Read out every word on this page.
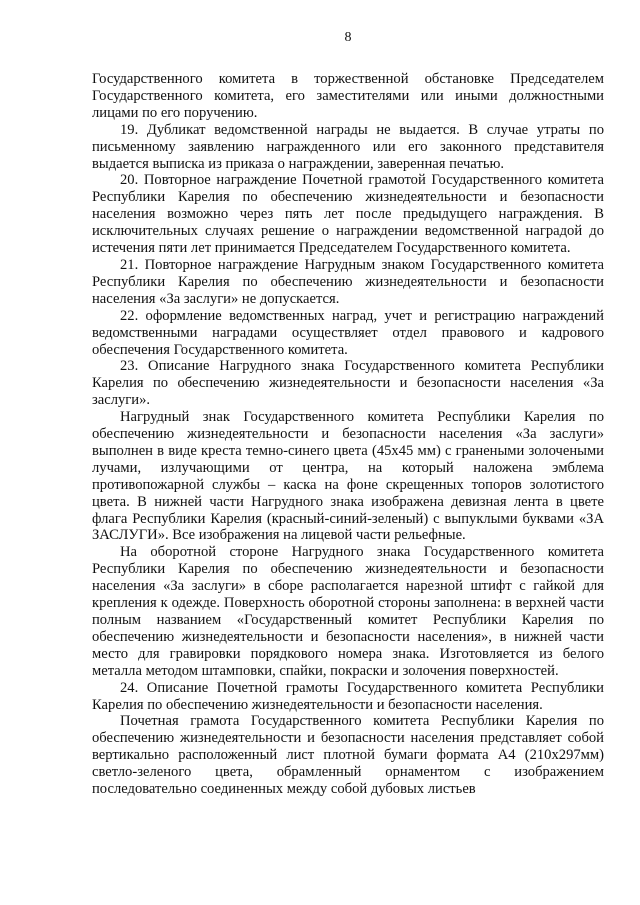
8

Государственного комитета в торжественной обстановке Председателем Государственного комитета, его заместителями или иными должностными лицами по его поручению.

19. Дубликат ведомственной награды не выдается. В случае утраты по письменному заявлению награжденного или его законного представителя выдается выписка из приказа о награждении, заверенная печатью.

20. Повторное награждение Почетной грамотой Государственного комитета Республики Карелия по обеспечению жизнедеятельности и безопасности населения возможно через пять лет после предыдущего награждения. В исключительных случаях решение о награждении ведомственной наградой до истечения пяти лет принимается Председателем Государственного комитета.

21. Повторное награждение Нагрудным знаком Государственного комитета Республики Карелия по обеспечению жизнедеятельности и безопасности населения «За заслуги» не допускается.

22. оформление ведомственных наград, учет и регистрацию награждений ведомственными наградами осуществляет отдел правового и кадрового обеспечения Государственного комитета.

23. Описание Нагрудного знака Государственного комитета Республики Карелия по обеспечению жизнедеятельности и безопасности населения «За заслуги».

Нагрудный знак Государственного комитета Республики Карелия по обеспечению жизнедеятельности и безопасности населения «За заслуги» выполнен в виде креста темно-синего цвета (45x45 мм) с гранеными золочеными лучами, излучающими от центра, на который наложена эмблема противопожарной службы – каска на фоне скрещенных топоров золотистого цвета. В нижней части Нагрудного знака изображена девизная лента в цвете флага Республики Карелия (красный-синий-зеленый) с выпуклыми буквами «ЗА ЗАСЛУГИ». Все изображения на лицевой части рельефные.

На оборотной стороне Нагрудного знака Государственного комитета Республики Карелия по обеспечению жизнедеятельности и безопасности населения «За заслуги» в сборе располагается нарезной штифт с гайкой для крепления к одежде. Поверхность оборотной стороны заполнена: в верхней части полным названием «Государственный комитет Республики Карелия по обеспечению жизнедеятельности и безопасности населения», в нижней части место для гравировки порядкового номера знака. Изготовляется из белого металла методом штамповки, спайки, покраски и золочения поверхностей.

24. Описание Почетной грамоты Государственного комитета Республики Карелия по обеспечению жизнедеятельности и безопасности населения.

Почетная грамота Государственного комитета Республики Карелия по обеспечению жизнедеятельности и безопасности населения представляет собой вертикально расположенный лист плотной бумаги формата А4 (210x297мм) светло-зеленого цвета, обрамленный орнаментом с изображением последовательно соединенных между собой дубовых листьев
